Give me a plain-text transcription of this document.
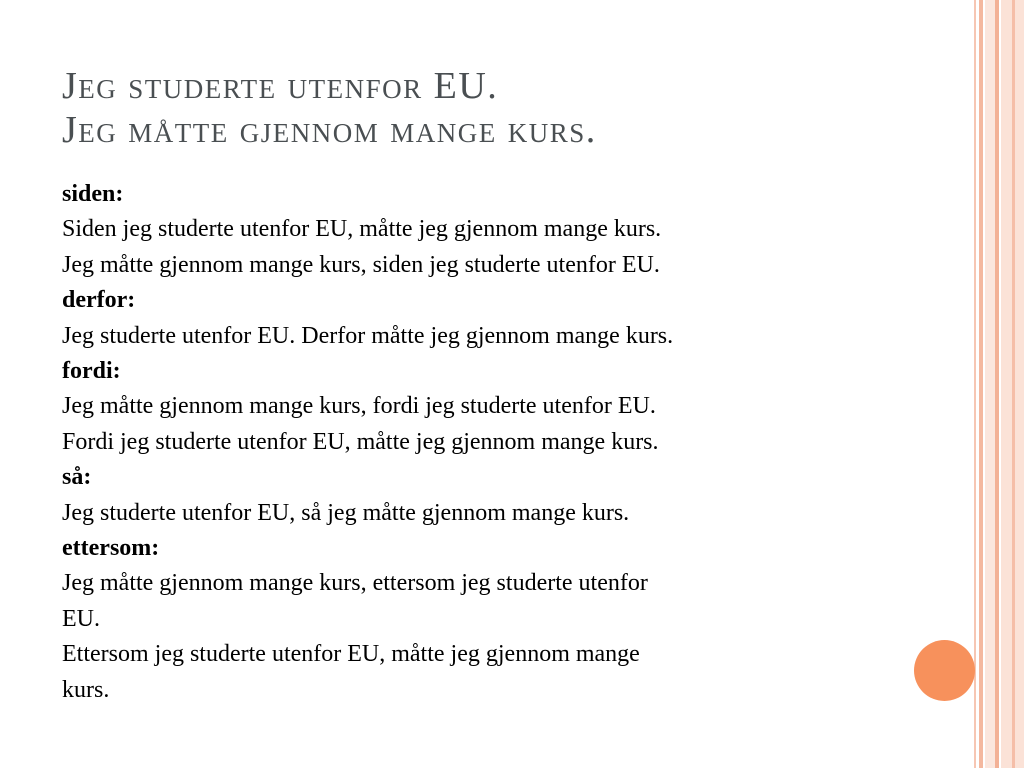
Jeg studerte utenfor EU.
Jeg måtte gjennom mange kurs.
siden:
Siden jeg studerte utenfor EU, måtte jeg gjennom mange kurs.
Jeg måtte gjennom mange kurs, siden jeg studerte utenfor EU.
derfor:
Jeg studerte utenfor EU. Derfor måtte jeg gjennom mange kurs.
fordi:
Jeg måtte gjennom mange kurs, fordi jeg studerte utenfor EU.
Fordi jeg studerte utenfor EU, måtte jeg gjennom mange kurs.
så:
Jeg studerte utenfor EU, så jeg måtte gjennom mange kurs.
ettersom:
Jeg måtte gjennom mange kurs, ettersom jeg studerte utenfor
EU.
Ettersom jeg studerte utenfor EU, måtte jeg gjennom mange
kurs.
